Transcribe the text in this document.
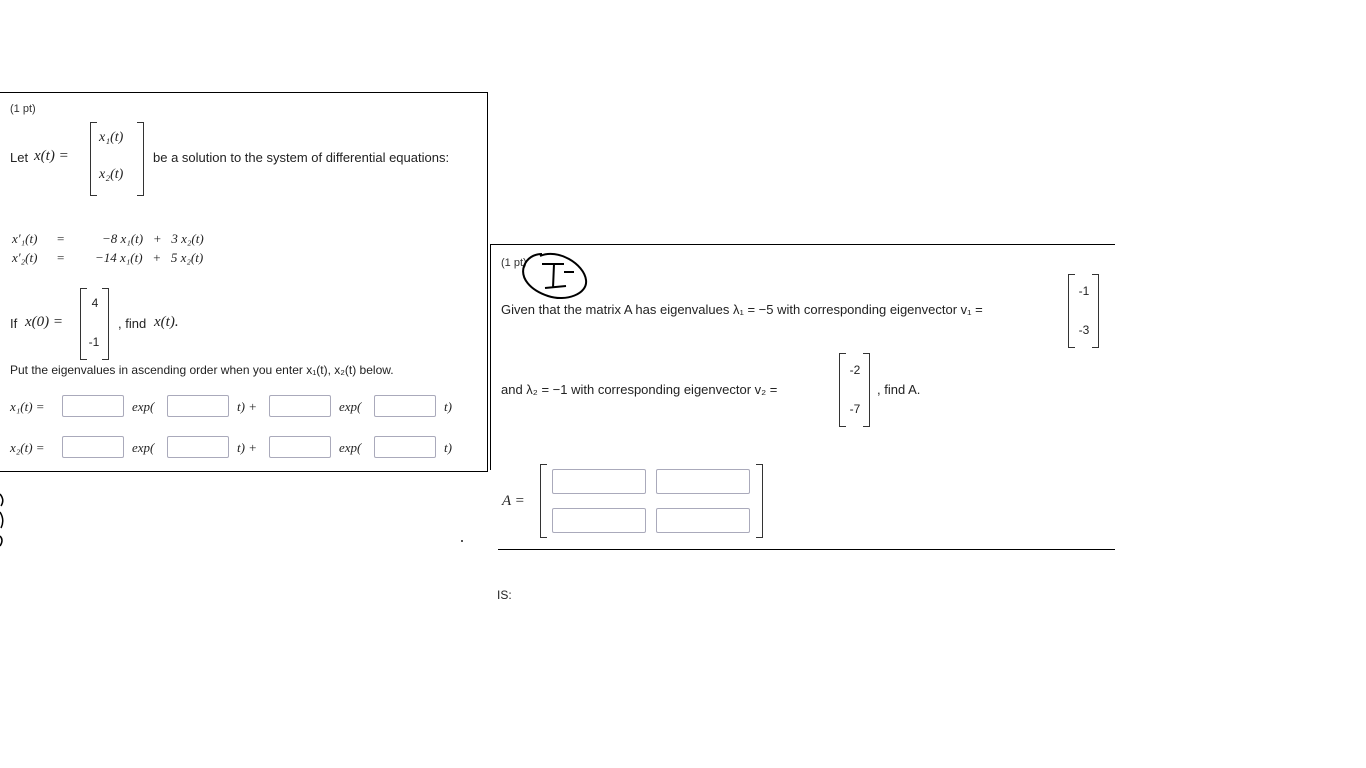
(1 pt)
Let x(t) =
x₁(t)
x₂(t)
be a solution to the system of differential equations:
x′₁(t) =	−8 x₁(t)   +   3 x₂(t)
x′₂(t) = −14 x₁(t)   +   5 x₂(t)
If x(0) =
4
-1
, find x(t).
Put the eigenvalues in ascending order when you enter x₁(t), x₂(t) below.
x₁(t) =	exp(	t) +	exp(	t)
x₂(t) =	exp(	t) +	exp(	t)
(1 pt)
Given that the matrix A has eigenvalues λ₁ = −5 with corresponding eigenvector v₁ =
-1
-3
and λ₂ = −1 with corresponding eigenvector v₂ =
-2
-7
, find A.
A =
IS:
